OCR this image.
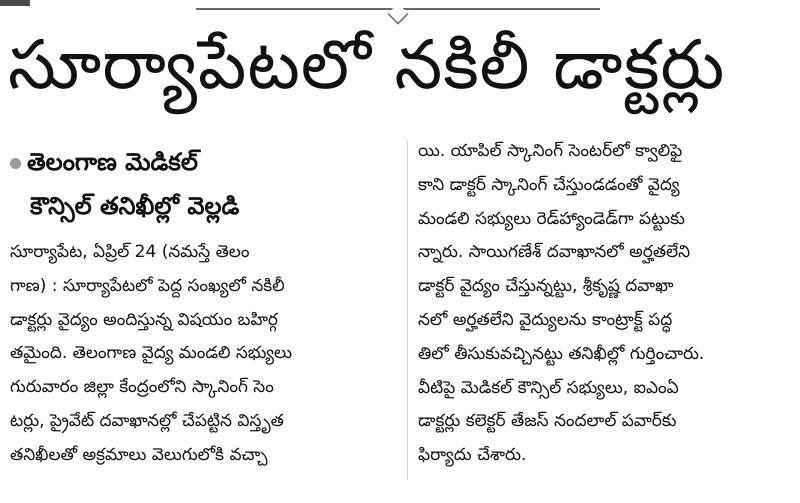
సూర్యాపేటలో నకిలీ డాక్టర్లు
తెలంగాణ మెడికల్
కౌన్సిల్ తనిఖీల్లో వెల్లడి
సూర్యాపేట, ఏప్రిల్ 24 (నమస్తే తెలం
గాణ) : సూర్యాపేటలో పెద్ద సంఖ్యలో నకిలీ
డాక్టర్లు వైద్యం అందిస్తున్న విషయం బహిర్గ
తమైంది. తెలంగాణ వైద్య మండలి సభ్యులు
గురువారం జిల్లా కేంద్రంలోని స్కానింగ్ సెం
టర్లు, ప్రైవేట్ దవాఖానల్లో చేపట్టిన విస్తృత
తనిఖీలతో అక్రమాలు వెలుగులోకి వచ్చా
యి. యాపిల్ స్కానింగ్ సెంటర్‌లో క్వాలిఫై
కాని డాక్టర్ స్కానింగ్ చేస్తుండడంతో వైద్య
మండలి సభ్యులు రెడ్‌హ్యాండెడ్‌గా పట్టుకు
న్నారు. సాయిగణేశ్ దవాఖానలో అర్హతలేని
డాక్టర్ వైద్యం చేస్తున్నట్టు, శ్రీకృష్ణ దవాఖా
నలో అర్హతలేని వైద్యులను కాంట్రాక్ట్ పద్ధ
తిలో తీసుకువచ్చినట్టు తనిఖీల్లో గుర్తించారు.
వీటిపై మెడికల్ కౌన్సిల్ సభ్యులు, ఐఎంఏ
డాక్టర్లు కలెక్టర్ తేజస్ నందలాల్ పవార్‌కు
ఫిర్యాదు చేశారు.
